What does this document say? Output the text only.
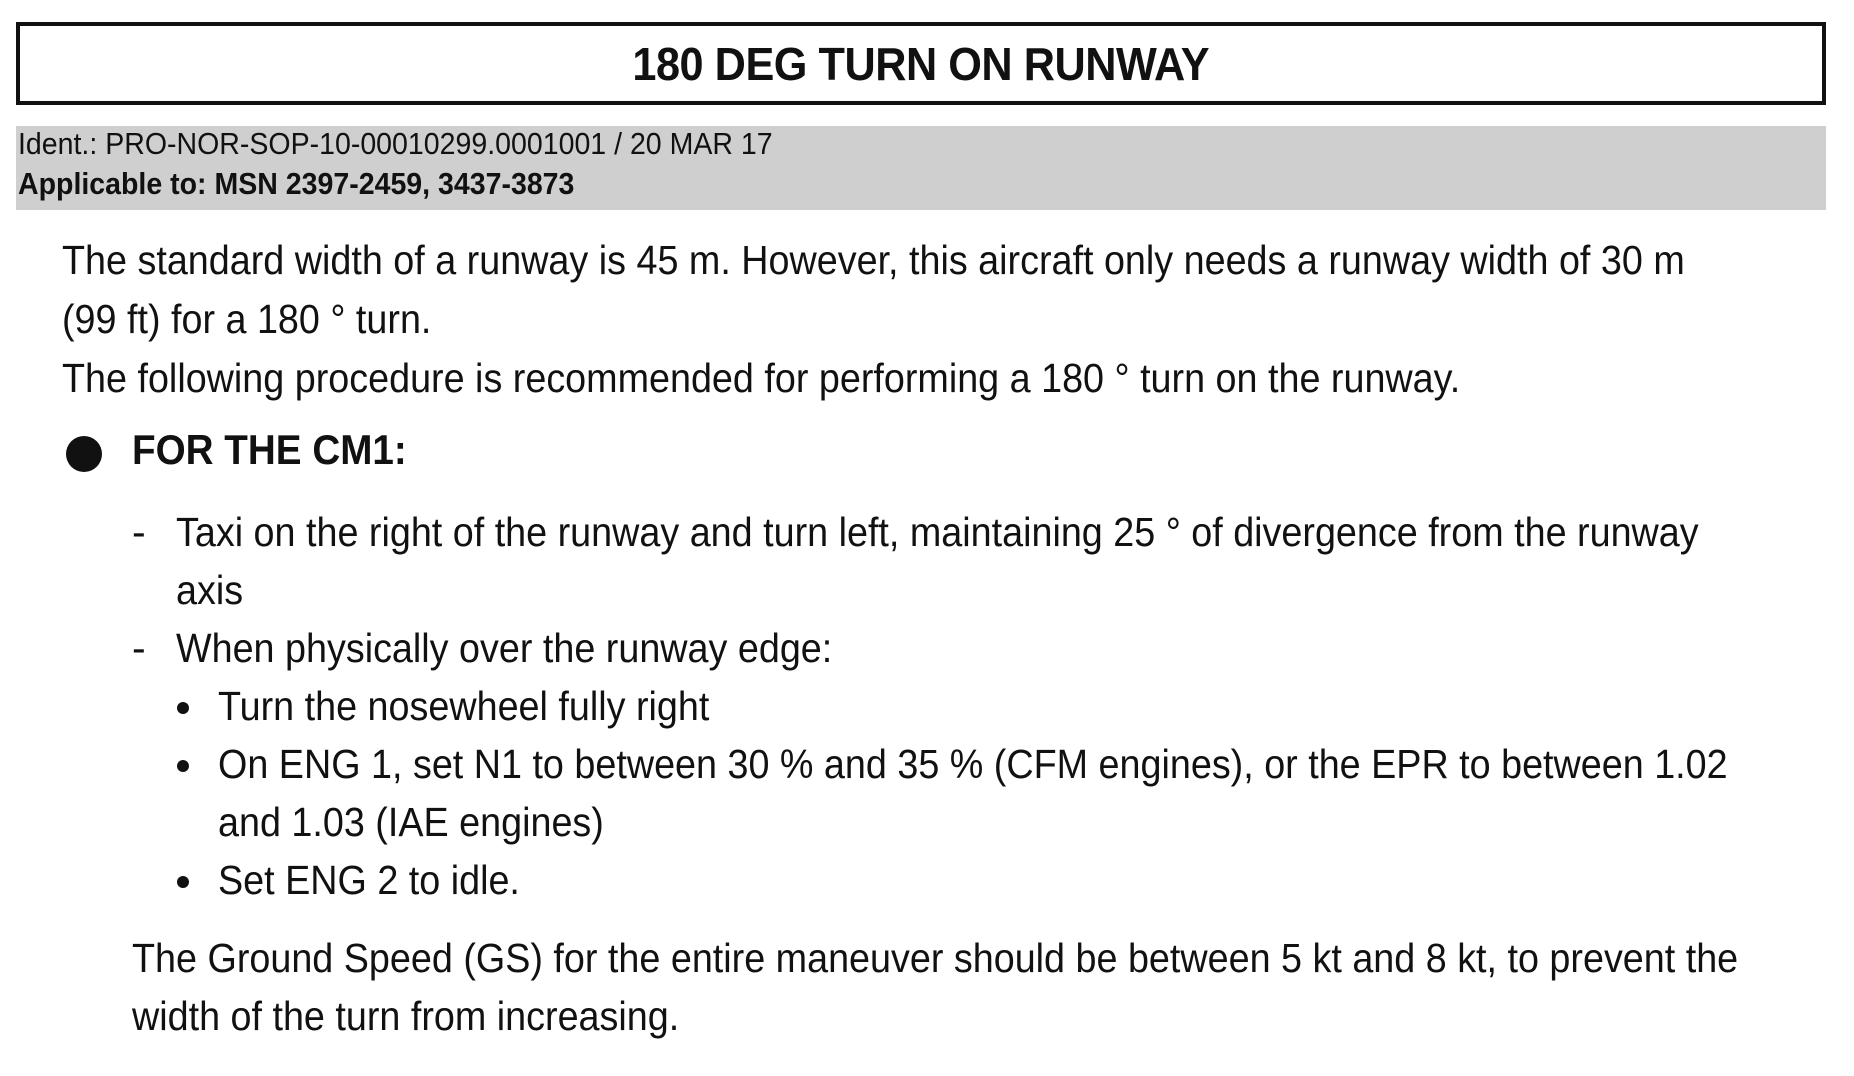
180 DEG TURN ON RUNWAY
Ident.: PRO-NOR-SOP-10-00010299.0001001 / 20 MAR 17
Applicable to: MSN 2397-2459, 3437-3873
The standard width of a runway is 45 m. However, this aircraft only needs a runway width of 30 m
(99 ft) for a 180 ° turn.
The following procedure is recommended for performing a 180 ° turn on the runway.
FOR THE CM1:
- Taxi on the right of the runway and turn left, maintaining 25 ° of divergence from the runway
axis
- When physically over the runway edge:
Turn the nosewheel fully right
On ENG 1, set N1 to between 30 % and 35 % (CFM engines), or the EPR to between 1.02
and 1.03 (IAE engines)
Set ENG 2 to idle.
The Ground Speed (GS) for the entire maneuver should be between 5 kt and 8 kt, to prevent the
width of the turn from increasing.
